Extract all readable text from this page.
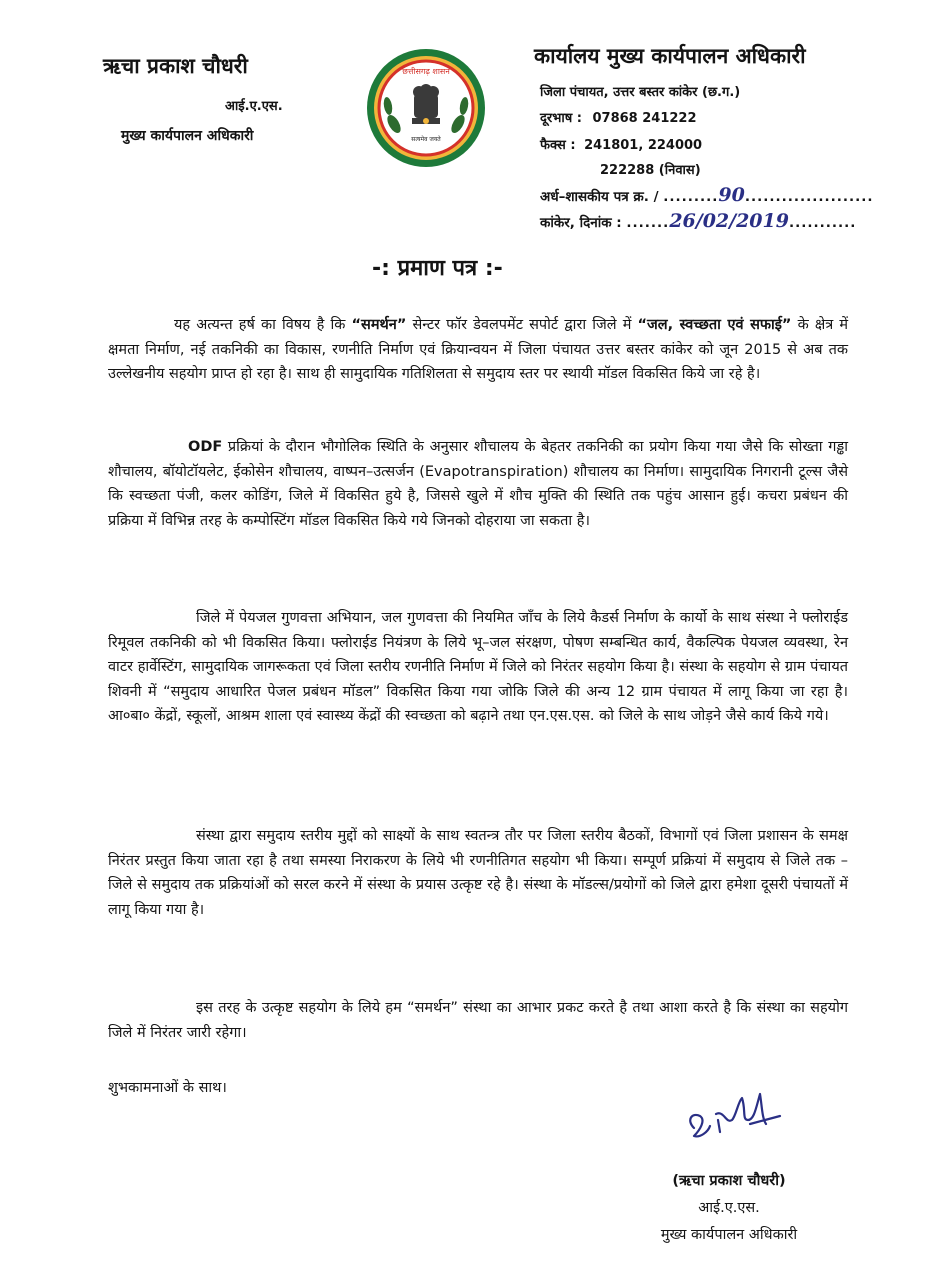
ऋचा प्रकाश चौधरी
आई.ए.एस.
मुख्य कार्यपालन अधिकारी
छत्तीसगढ़ शासन
सत्यमेव जयते
कार्यालय मुख्य कार्यपालन अधिकारी
जिला पंचायत, उत्तर बस्तर कांकेर (छ.ग.)
दूरभाष : 07868 241222
फैक्स : 241801, 224000
222288 (निवास)
अर्ध–शासकीय पत्र क्र. / .........90.....................
कांकेर, दिनांक : .......26/02/2019...........
-: प्रमाण पत्र :-
यह अत्यन्त हर्ष का विषय है कि “समर्थन” सेन्टर फॉर डेवलपमेंट सपोर्ट द्वारा जिले में “जल, स्वच्छता एवं सफाई” के क्षेत्र में क्षमता निर्माण, नई तकनिकी का विकास, रणनीति निर्माण एवं क्रियान्वयन में जिला पंचायत उत्तर बस्तर कांकेर को जून 2015 से अब तक उल्लेखनीय सहयोग प्राप्त हो रहा है। साथ ही सामुदायिक गतिशिलता से समुदाय स्तर पर स्थायी मॉडल विकसित किये जा रहे है।
ODF प्रक्रियां के दौरान भौगोलिक स्थिति के अनुसार शौचालय के बेहतर तकनिकी का प्रयोग किया गया जैसे कि सोख्ता गड्ढा शौचालय, बॉयोटॉयलेट, ईकोसेन शौचालय, वाष्पन–उत्सर्जन (Evapotranspiration) शौचालय का निर्माण। सामुदायिक निगरानी टूल्स जैसे कि स्वच्छता पंजी, कलर कोडिंग, जिले में विकसित हुये है, जिससे खुले में शौच मुक्ति की स्थिति तक पहुंच आसान हुई। कचरा प्रबंधन की प्रक्रिया में विभिन्न तरह के कम्पोस्टिंग मॉडल विकसित किये गये जिनको दोहराया जा सकता है।
जिले में पेयजल गुणवत्ता अभियान, जल गुणवत्ता की नियमित जाँच के लिये कैडर्स निर्माण के कार्यो के साथ संस्था ने फ्लोराईड रिमूवल तकनिकी को भी विकसित किया। फ्लोराईड नियंत्रण के लिये भू–जल संरक्षण, पोषण सम्बन्धित कार्य, वैकल्पिक पेयजल व्यवस्था, रेन वाटर हार्वेस्टिंग, सामुदायिक जागरूकता एवं जिला स्तरीय रणनीति निर्माण में जिले को निरंतर सहयोग किया है। संस्था के सहयोग से ग्राम पंचायत शिवनी में “समुदाय आधारित पेजल प्रबंधन मॉडल” विकसित किया गया जोकि जिले की अन्य 12 ग्राम पंचायत में लागू किया जा रहा है। आ०बा० केंद्रों, स्कूलों, आश्रम शाला एवं स्वास्थ्य केंद्रों की स्वच्छता को बढ़ाने तथा एन.एस.एस. को जिले के साथ जोड़ने जैसे कार्य किये गये।
संस्था द्वारा समुदाय स्तरीय मुद्दों को साक्ष्यों के साथ स्वतन्त्र तौर पर जिला स्तरीय बैठकों, विभागों एवं जिला प्रशासन के समक्ष निरंतर प्रस्तुत किया जाता रहा है तथा समस्या निराकरण के लिये भी रणनीतिगत सहयोग भी किया। सम्पूर्ण प्रक्रियां में समुदाय से जिले तक – जिले से समुदाय तक प्रक्रियांओं को सरल करने में संस्था के प्रयास उत्कृष्ट रहे है। संस्था के मॉडल्स/प्रयोगों को जिले द्वारा हमेशा दूसरी पंचायतों में लागू किया गया है।
इस तरह के उत्कृष्ट सहयोग के लिये हम “समर्थन” संस्था का आभार प्रकट करते है तथा आशा करते है कि संस्था का सहयोग जिले में निरंतर जारी रहेगा।
शुभकामनाओं के साथ।
(ऋचा प्रकाश चौधरी)
आई.ए.एस.
मुख्य कार्यपालन अधिकारी
